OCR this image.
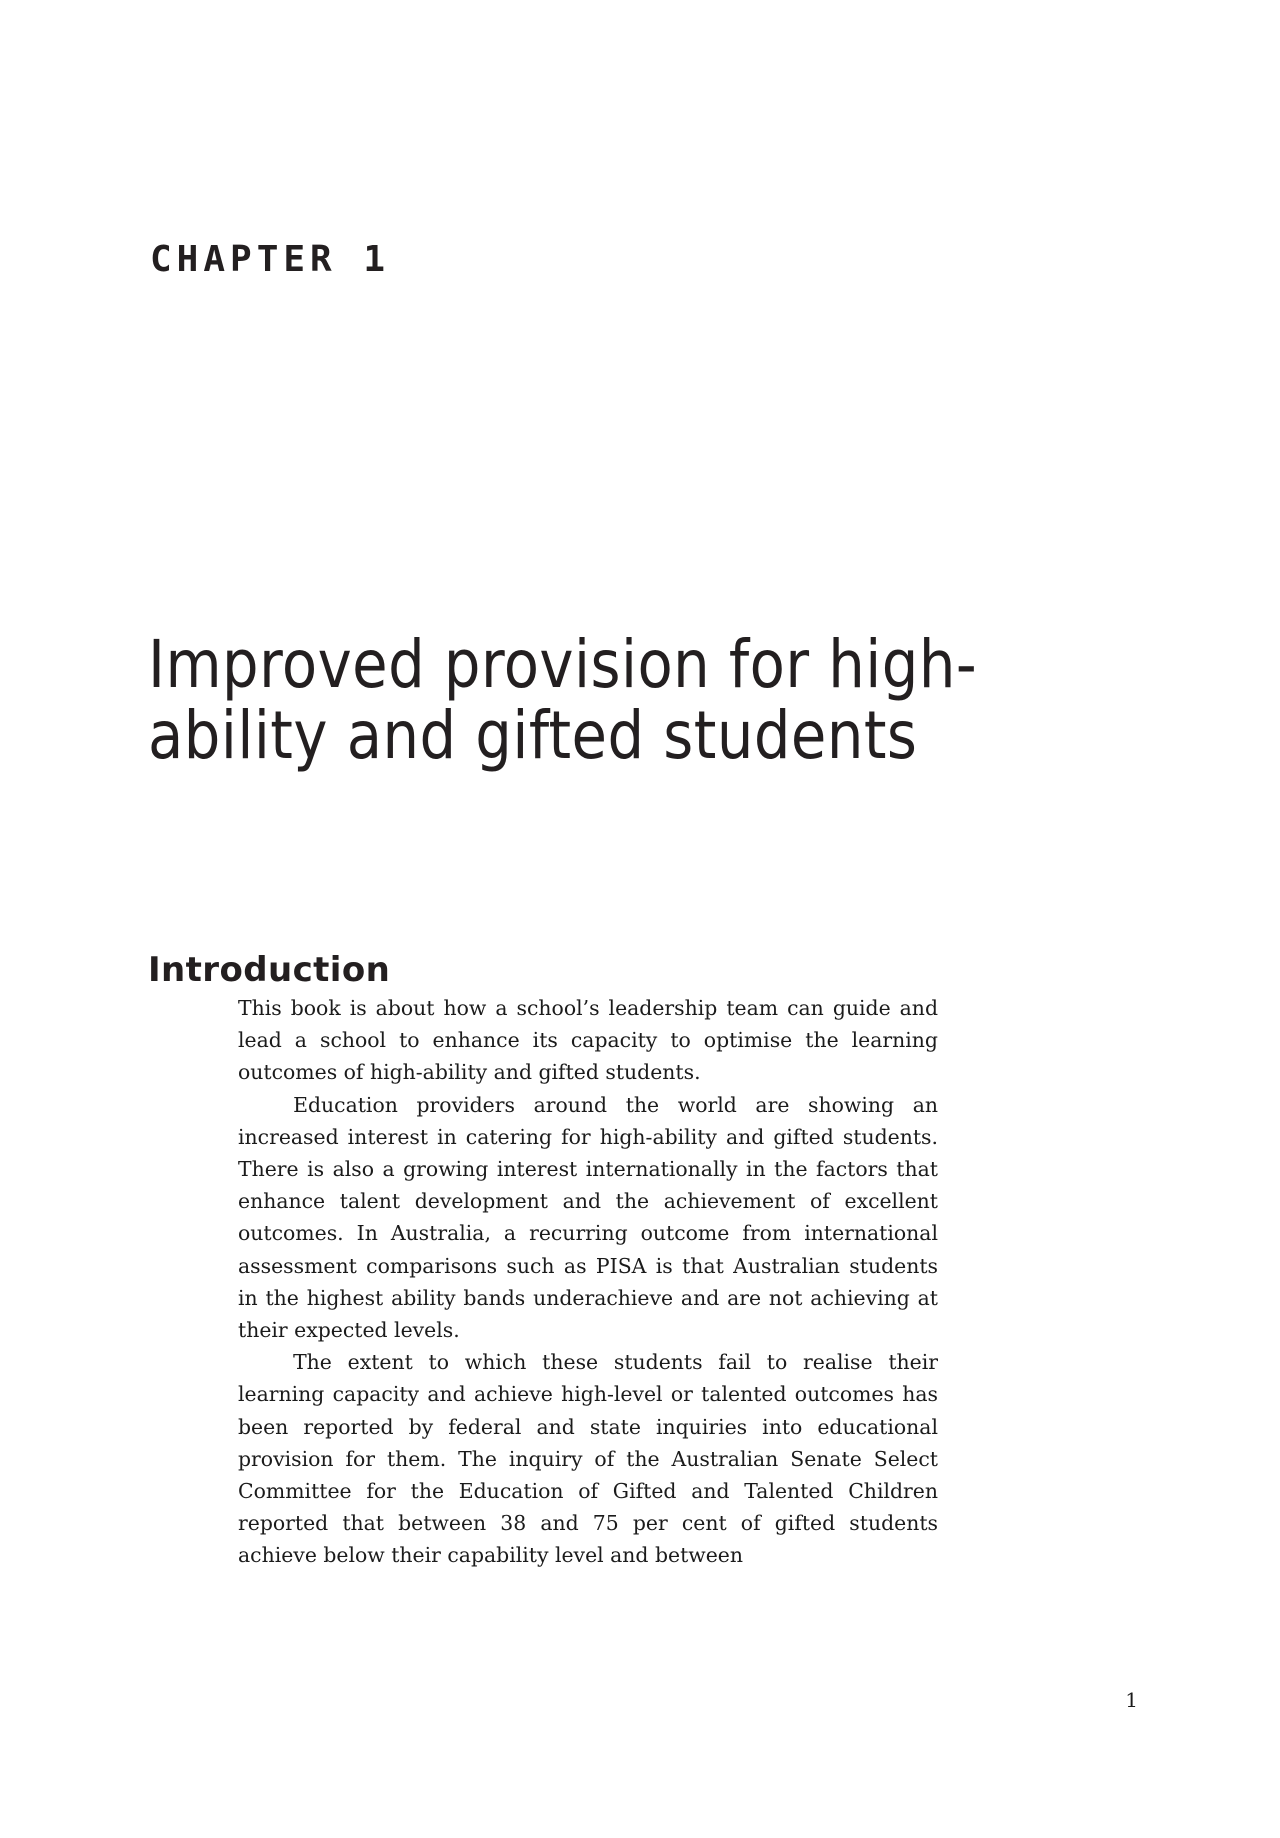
CHAPTER 1
Improved provision for high-
ability and gifted students
Introduction

This book is about how a school’s leadership team can guide and lead a school to enhance its capacity to optimise the learning outcomes of high-ability and gifted students.

Education providers around the world are showing an increased interest in catering for high-ability and gifted students. There is also a growing interest internationally in the factors that enhance talent development and the achievement of excellent outcomes. In Australia, a recurring outcome from international assessment comparisons such as PISA is that Australian students in the highest ability bands underachieve and are not achieving at their expected levels.

The extent to which these students fail to realise their learning capacity and achieve high-level or talented outcomes has been reported by federal and state inquiries into educational provision for them. The inquiry of the Australian Senate Select Committee for the Education of Gifted and Talented Children reported that between 38 and 75 per cent of gifted students achieve below their capability level and between

1
